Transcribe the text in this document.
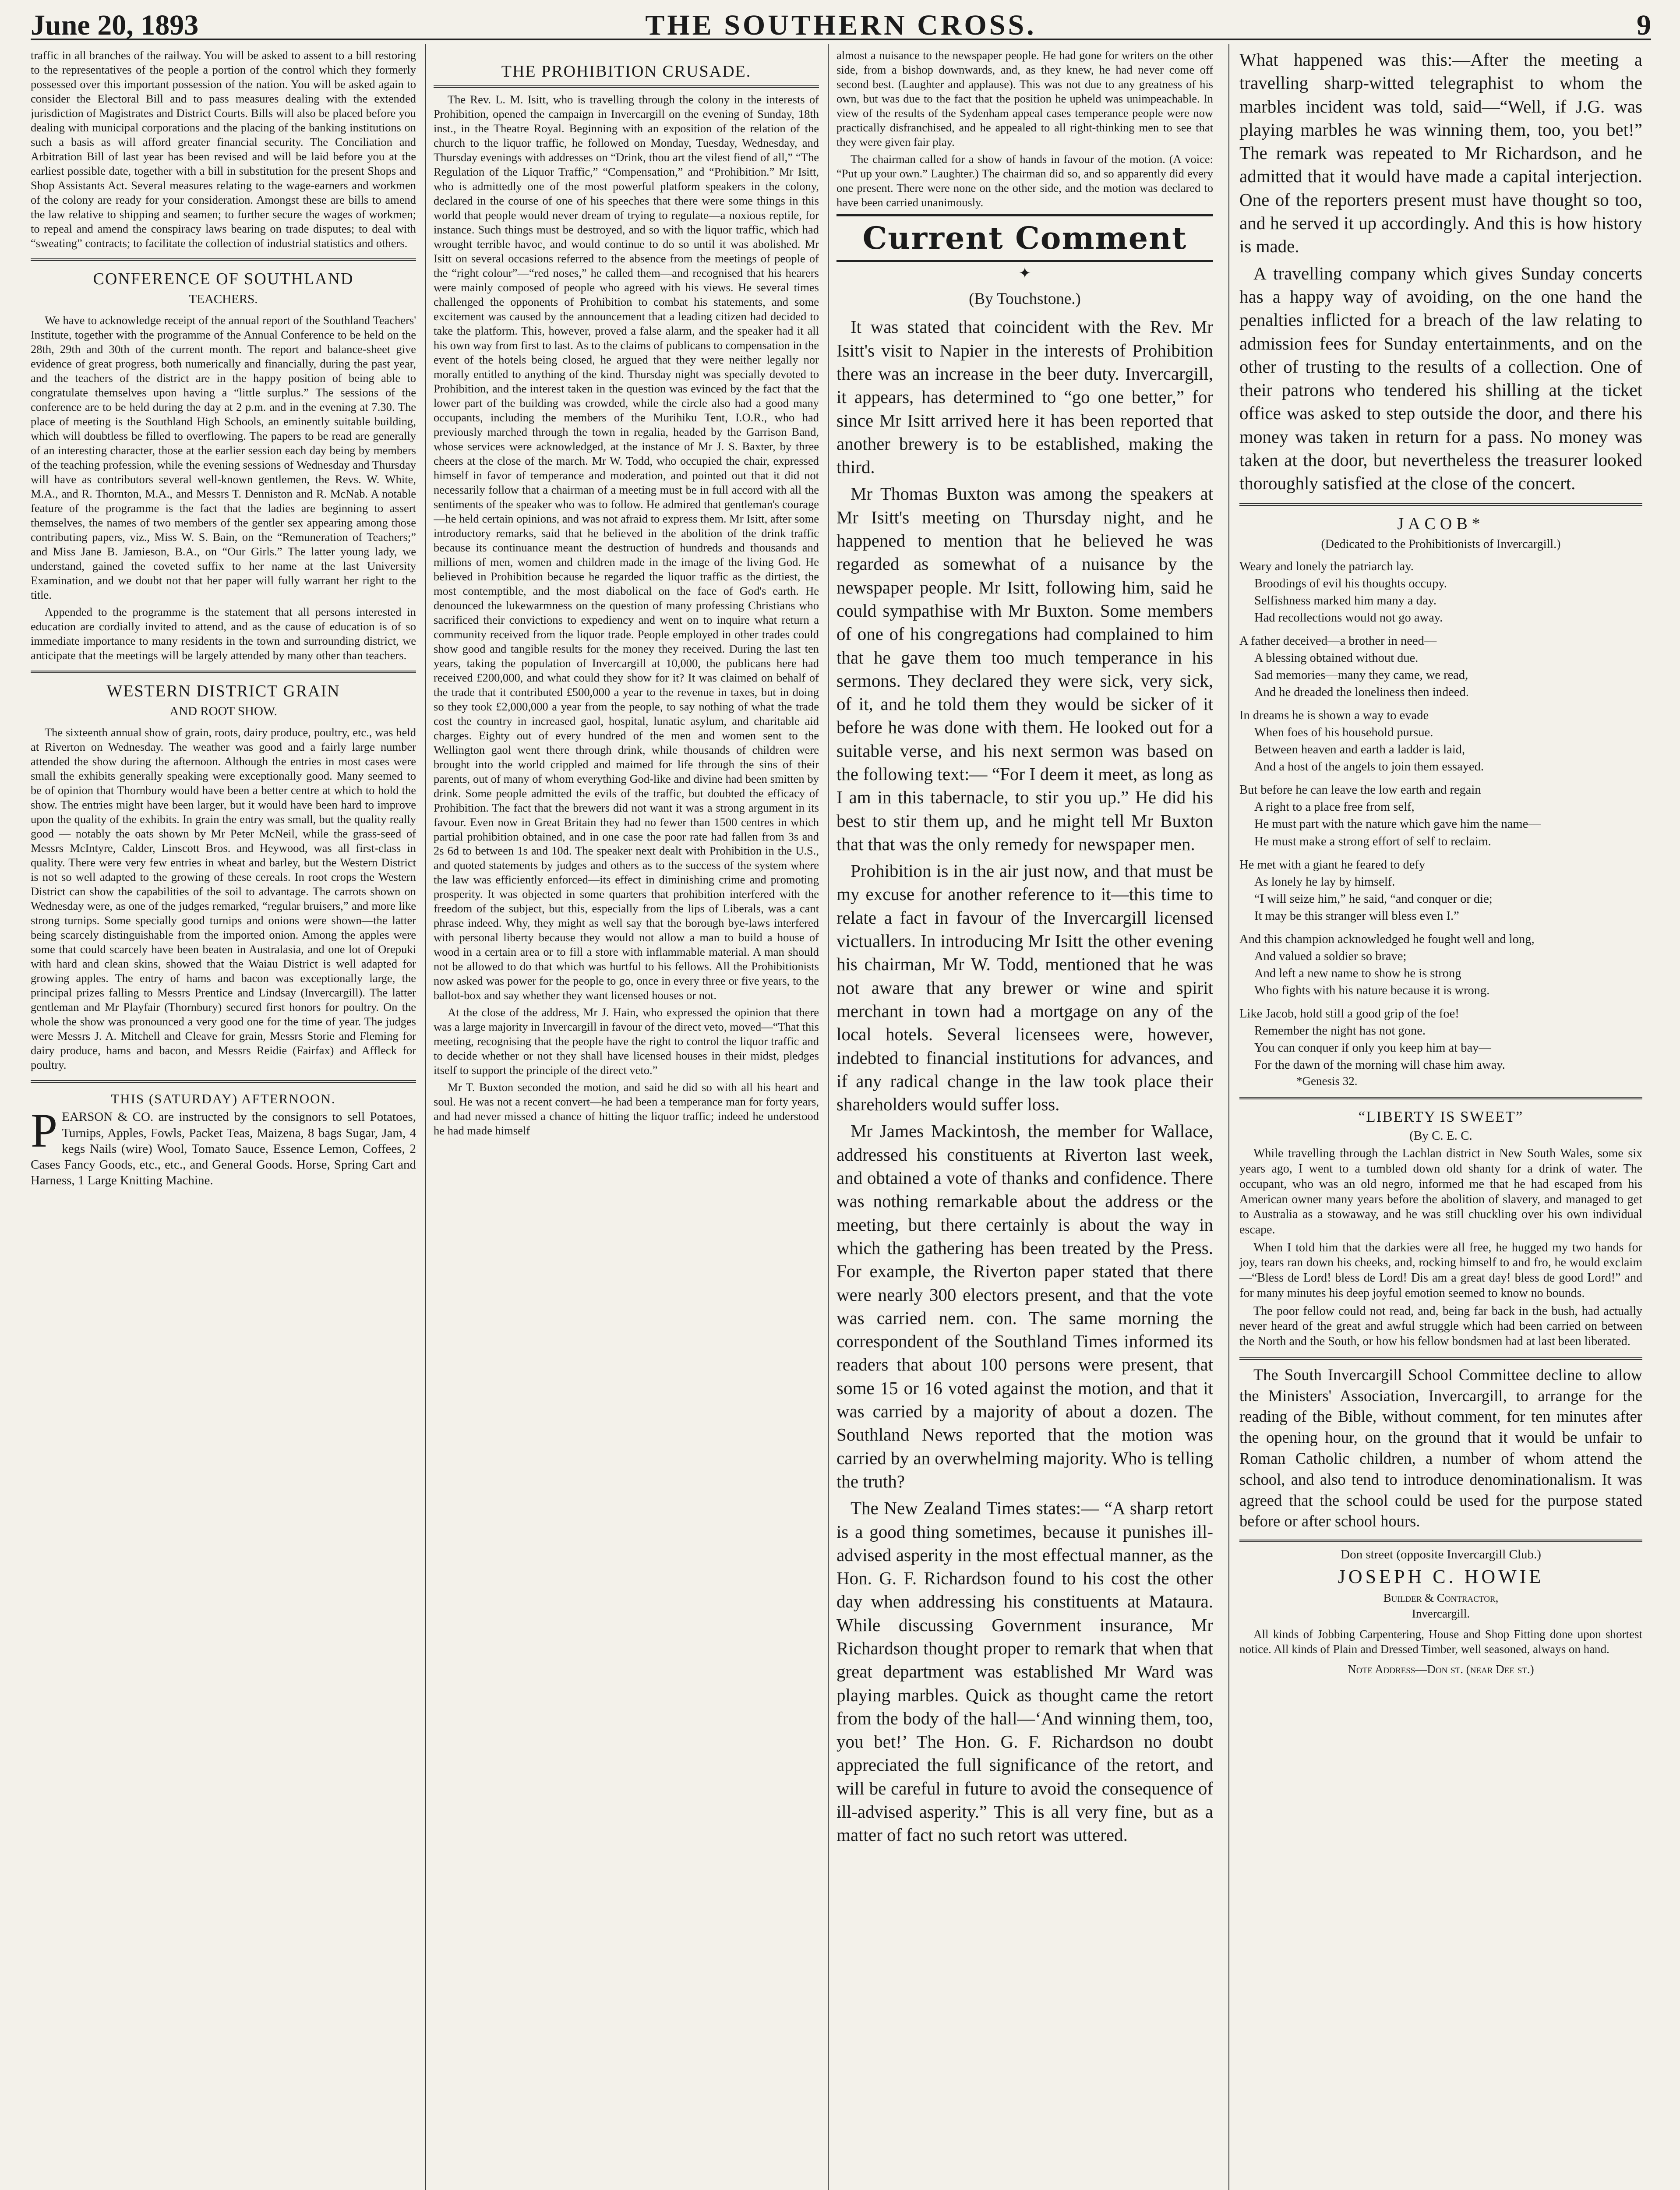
June 20, 1893	THE SOUTHERN CROSS.	9

traffic in all branches of the railway. You will be asked to assent to a bill restoring to the representatives of the people a portion of the control which they formerly possessed over this important possession of the nation. You will be asked again to consider the Electoral Bill and to pass measures dealing with the extended jurisdiction of Magistrates and District Courts. Bills will also be placed before you dealing with municipal corporations and the placing of the banking institutions on such a basis as will afford greater financial security. The Conciliation and Arbitration Bill of last year has been revised and will be laid before you at the earliest possible date, together with a bill in substitution for the present Shops and Shop Assistants Act. Several measures relating to the wage-earners and workmen of the colony are ready for your consideration. Amongst these are bills to amend the law relative to shipping and seamen; to further secure the wages of workmen; to repeal and amend the conspiracy laws bearing on trade disputes; to deal with “sweating” contracts; to facilitate the collection of industrial statistics and others.

CONFERENCE OF SOUTHLAND
TEACHERS.

We have to acknowledge receipt of the annual report of the Southland Teachers' Institute, together with the programme of the Annual Conference to be held on the 28th, 29th and 30th of the current month. The report and balance-sheet give evidence of great progress, both numerically and financially, during the past year, and the teachers of the district are in the happy position of being able to congratulate themselves upon having a “little surplus.” The sessions of the conference are to be held during the day at 2 p.m. and in the evening at 7.30. The place of meeting is the Southland High Schools, an eminently suitable building, which will doubtless be filled to overflowing. The papers to be read are generally of an interesting character, those at the earlier session each day being by members of the teaching profession, while the evening sessions of Wednesday and Thursday will have as contributors several well-known gentlemen, the Revs. W. White, M.A., and R. Thornton, M.A., and Messrs T. Denniston and R. McNab. A notable feature of the programme is the fact that the ladies are beginning to assert themselves, the names of two members of the gentler sex appearing among those contributing papers, viz., Miss W. S. Bain, on the “Remuneration of Teachers;” and Miss Jane B. Jamieson, B.A., on “Our Girls.” The latter young lady, we understand, gained the coveted suffix to her name at the last University Examination, and we doubt not that her paper will fully warrant her right to the title.

Appended to the programme is the statement that all persons interested in education are cordially invited to attend, and as the cause of education is of so immediate importance to many residents in the town and surrounding district, we anticipate that the meetings will be largely attended by many other than teachers.

WESTERN DISTRICT GRAIN
AND ROOT SHOW.

The sixteenth annual show of grain, roots, dairy produce, poultry, etc., was held at Riverton on Wednesday. The weather was good and a fairly large number attended the show during the afternoon. Although the entries in most cases were small the exhibits generally speaking were exceptionally good. Many seemed to be of opinion that Thornbury would have been a better centre at which to hold the show. The entries might have been larger, but it would have been hard to improve upon the quality of the exhibits. In grain the entry was small, but the quality really good — notably the oats shown by Mr Peter McNeil, while the grass-seed of Messrs McIntyre, Calder, Linscott Bros. and Heywood, was all first-class in quality. There were very few entries in wheat and barley, but the Western District is not so well adapted to the growing of these cereals. In root crops the Western District can show the capabilities of the soil to advantage. The carrots shown on Wednesday were, as one of the judges remarked, “regular bruisers,” and more like strong turnips. Some specially good turnips and onions were shown—the latter being scarcely distinguishable from the imported onion. Among the apples were some that could scarcely have been beaten in Australasia, and one lot of Orepuki with hard and clean skins, showed that the Waiau District is well adapted for growing apples. The entry of hams and bacon was exceptionally large, the principal prizes falling to Messrs Prentice and Lindsay (Invercargill). The latter gentleman and Mr Playfair (Thornbury) secured first honors for poultry. On the whole the show was pronounced a very good one for the time of year. The judges were Messrs J. A. Mitchell and Cleave for grain, Messrs Storie and Fleming for dairy produce, hams and bacon, and Messrs Reidie (Fairfax) and Affleck for poultry.

THIS (SATURDAY) AFTERNOON.

PEARSON & CO. are instructed by the consignors to sell Potatoes, Turnips, Apples, Fowls, Packet Teas, Maizena, 8 bags Sugar, Jam, 4 kegs Nails (wire) Wool, Tomato Sauce, Essence Lemon, Coffees, 2 Cases Fancy Goods, etc., etc., and General Goods. Horse, Spring Cart and Harness, 1 Large Knitting Machine.

THE PROHIBITION CRUSADE.

The Rev. L. M. Isitt, who is travelling through the colony in the interests of Prohibition, opened the campaign in Invercargill on the evening of Sunday, 18th inst., in the Theatre Royal. Beginning with an exposition of the relation of the church to the liquor traffic, he followed on Monday, Tuesday, Wednesday, and Thursday evenings with addresses on “Drink, thou art the vilest fiend of all,” “The Regulation of the Liquor Traffic,” “Compensation,” and “Prohibition.” Mr Isitt, who is admittedly one of the most powerful platform speakers in the colony, declared in the course of one of his speeches that there were some things in this world that people would never dream of trying to regulate—a noxious reptile, for instance. Such things must be destroyed, and so with the liquor traffic, which had wrought terrible havoc, and would continue to do so until it was abolished. Mr Isitt on several occasions referred to the absence from the meetings of people of the “right colour”—“red noses,” he called them—and recognised that his hearers were mainly composed of people who agreed with his views. He several times challenged the opponents of Prohibition to combat his statements, and some excitement was caused by the announcement that a leading citizen had decided to take the platform. This, however, proved a false alarm, and the speaker had it all his own way from first to last. As to the claims of publicans to compensation in the event of the hotels being closed, he argued that they were neither legally nor morally entitled to anything of the kind. Thursday night was specially devoted to Prohibition, and the interest taken in the question was evinced by the fact that the lower part of the building was crowded, while the circle also had a good many occupants, including the members of the Murihiku Tent, I.O.R., who had previously marched through the town in regalia, headed by the Garrison Band, whose services were acknowledged, at the instance of Mr J. S. Baxter, by three cheers at the close of the march. Mr W. Todd, who occupied the chair, expressed himself in favor of temperance and moderation, and pointed out that it did not necessarily follow that a chairman of a meeting must be in full accord with all the sentiments of the speaker who was to follow. He admired that gentleman's courage—he held certain opinions, and was not afraid to express them. Mr Isitt, after some introductory remarks, said that he believed in the abolition of the drink traffic because its continuance meant the destruction of hundreds and thousands and millions of men, women and children made in the image of the living God. He believed in Prohibition because he regarded the liquor traffic as the dirtiest, the most contemptible, and the most diabolical on the face of God's earth. He denounced the lukewarmness on the question of many professing Christians who sacrificed their convictions to expediency and went on to inquire what return a community received from the liquor trade. People employed in other trades could show good and tangible results for the money they received. During the last ten years, taking the population of Invercargill at 10,000, the publicans here had received £200,000, and what could they show for it? It was claimed on behalf of the trade that it contributed £500,000 a year to the revenue in taxes, but in doing so they took £2,000,000 a year from the people, to say nothing of what the trade cost the country in increased gaol, hospital, lunatic asylum, and charitable aid charges. Eighty out of every hundred of the men and women sent to the Wellington gaol went there through drink, while thousands of children were brought into the world crippled and maimed for life through the sins of their parents, out of many of whom everything God-like and divine had been smitten by drink. Some people admitted the evils of the traffic, but doubted the efficacy of Prohibition. The fact that the brewers did not want it was a strong argument in its favour. Even now in Great Britain they had no fewer than 1500 centres in which partial prohibition obtained, and in one case the poor rate had fallen from 3s and 2s 6d to between 1s and 10d. The speaker next dealt with Prohibition in the U.S., and quoted statements by judges and others as to the success of the system where the law was efficiently enforced—its effect in diminishing crime and promoting prosperity. It was objected in some quarters that prohibition interfered with the freedom of the subject, but this, especially from the lips of Liberals, was a cant phrase indeed. Why, they might as well say that the borough bye-laws interfered with personal liberty because they would not allow a man to build a house of wood in a certain area or to fill a store with inflammable material. A man should not be allowed to do that which was hurtful to his fellows. All the Prohibitionists now asked was power for the people to go, once in every three or five years, to the ballot-box and say whether they want licensed houses or not.

At the close of the address, Mr J. Hain, who expressed the opinion that there was a large majority in Invercargill in favour of the direct veto, moved—“That this meeting, recognising that the people have the right to control the liquor traffic and to decide whether or not they shall have licensed houses in their midst, pledges itself to support the principle of the direct veto.”

Mr T. Buxton seconded the motion, and said he did so with all his heart and soul. He was not a recent convert—he had been a temperance man for forty years, and had never missed a chance of hitting the liquor traffic; indeed he understood he had made himself

almost a nuisance to the newspaper people. He had gone for writers on the other side, from a bishop downwards, and, as they knew, he had never come off second best. (Laughter and applause). This was not due to any greatness of his own, but was due to the fact that the position he upheld was unimpeachable. In view of the results of the Sydenham appeal cases temperance people were now practically disfranchised, and he appealed to all right-thinking men to see that they were given fair play.

The chairman called for a show of hands in favour of the motion. (A voice: “Put up your own.” Laughter.) The chairman did so, and so apparently did every one present. There were none on the other side, and the motion was declared to have been carried unanimously.

Current Comment
✦
(By Touchstone.)

It was stated that coincident with the Rev. Mr Isitt's visit to Napier in the interests of Prohibition there was an increase in the beer duty. Invercargill, it appears, has determined to “go one better,” for since Mr Isitt arrived here it has been reported that another brewery is to be established, making the third.

Mr Thomas Buxton was among the speakers at Mr Isitt's meeting on Thursday night, and he happened to mention that he believed he was regarded as somewhat of a nuisance by the newspaper people. Mr Isitt, following him, said he could sympathise with Mr Buxton. Some members of one of his congregations had complained to him that he gave them too much temperance in his sermons. They declared they were sick, very sick, of it, and he told them they would be sicker of it before he was done with them. He looked out for a suitable verse, and his next sermon was based on the following text:— “For I deem it meet, as long as I am in this tabernacle, to stir you up.” He did his best to stir them up, and he might tell Mr Buxton that that was the only remedy for newspaper men.

Prohibition is in the air just now, and that must be my excuse for another reference to it—this time to relate a fact in favour of the Invercargill licensed victuallers. In introducing Mr Isitt the other evening his chairman, Mr W. Todd, mentioned that he was not aware that any brewer or wine and spirit merchant in town had a mortgage on any of the local hotels. Several licensees were, however, indebted to financial institutions for advances, and if any radical change in the law took place their shareholders would suffer loss.

Mr James Mackintosh, the member for Wallace, addressed his constituents at Riverton last week, and obtained a vote of thanks and confidence. There was nothing remarkable about the address or the meeting, but there certainly is about the way in which the gathering has been treated by the Press. For example, the Riverton paper stated that there were nearly 300 electors present, and that the vote was carried nem. con. The same morning the correspondent of the Southland Times informed its readers that about 100 persons were present, that some 15 or 16 voted against the motion, and that it was carried by a majority of about a dozen. The Southland News reported that the motion was carried by an overwhelming majority. Who is telling the truth?

The New Zealand Times states:— “A sharp retort is a good thing sometimes, because it punishes ill-advised asperity in the most effectual manner, as the Hon. G. F. Richardson found to his cost the other day when addressing his constituents at Mataura. While discussing Government insurance, Mr Richardson thought proper to remark that when that great department was established Mr Ward was playing marbles. Quick as thought came the retort from the body of the hall—‘And winning them, too, you bet!’ The Hon. G. F. Richardson no doubt appreciated the full significance of the retort, and will be careful in future to avoid the consequence of ill-advised asperity.” This is all very fine, but as a matter of fact no such retort was uttered.

What happened was this:—After the meeting a travelling sharp-witted telegraphist to whom the marbles incident was told, said—“Well, if J.G. was playing marbles he was winning them, too, you bet!” The remark was repeated to Mr Richardson, and he admitted that it would have made a capital interjection. One of the reporters present must have thought so too, and he served it up accordingly. And this is how history is made.

A travelling company which gives Sunday concerts has a happy way of avoiding, on the one hand the penalties inflicted for a breach of the law relating to admission fees for Sunday entertainments, and on the other of trusting to the results of a collection. One of their patrons who tendered his shilling at the ticket office was asked to step outside the door, and there his money was taken in return for a pass. No money was taken at the door, but nevertheless the treasurer looked thoroughly satisfied at the close of the concert.

JACOB*
(Dedicated to the Prohibitionists of Invercargill.)

Weary and lonely the patriarch lay.

Broodings of evil his thoughts occupy.

Selfishness marked him many a day.

Had recollections would not go away.

A father deceived—a brother in need—

A blessing obtained without due.

Sad memories—many they came, we read,

And he dreaded the loneliness then indeed.

In dreams he is shown a way to evade

When foes of his household pursue.

Between heaven and earth a ladder is laid,

And a host of the angels to join them essayed.

But before he can leave the low earth and regain

A right to a place free from self,

He must part with the nature which gave him the name—

He must make a strong effort of self to reclaim.

He met with a giant he feared to defy

As lonely he lay by himself.

“I will seize him,” he said, “and conquer or die;

It may be this stranger will bless even I.”

And this champion acknowledged he fought well and long,

And valued a soldier so brave;

And left a new name to show he is strong

Who fights with his nature because it is wrong.

Like Jacob, hold still a good grip of the foe!

Remember the night has not gone.

You can conquer if only you keep him at bay—

For the dawn of the morning will chase him away.

*Genesis 32.
“LIBERTY IS SWEET”
(By C. E. C.

While travelling through the Lachlan district in New South Wales, some six years ago, I went to a tumbled down old shanty for a drink of water. The occupant, who was an old negro, informed me that he had escaped from his American owner many years before the abolition of slavery, and managed to get to Australia as a stowaway, and he was still chuckling over his own individual escape.

When I told him that the darkies were all free, he hugged my two hands for joy, tears ran down his cheeks, and, rocking himself to and fro, he would exclaim—“Bless de Lord! bless de Lord! Dis am a great day! bless de good Lord!” and for many minutes his deep joyful emotion seemed to know no bounds.

The poor fellow could not read, and, being far back in the bush, had actually never heard of the great and awful struggle which had been carried on between the North and the South, or how his fellow bondsmen had at last been liberated.

The South Invercargill School Committee decline to allow the Ministers' Association, Invercargill, to arrange for the reading of the Bible, without comment, for ten minutes after the opening hour, on the ground that it would be unfair to Roman Catholic children, a number of whom attend the school, and also tend to introduce denominationalism. It was agreed that the school could be used for the purpose stated before or after school hours.

Don street (opposite Invercargill Club.)
JOSEPH C. HOWIE
Builder & Contractor,
Invercargill.

All kinds of Jobbing Carpentering, House and Shop Fitting done upon shortest notice. All kinds of Plain and Dressed Timber, well seasoned, always on hand.

Note Address—Don st. (near Dee st.)
